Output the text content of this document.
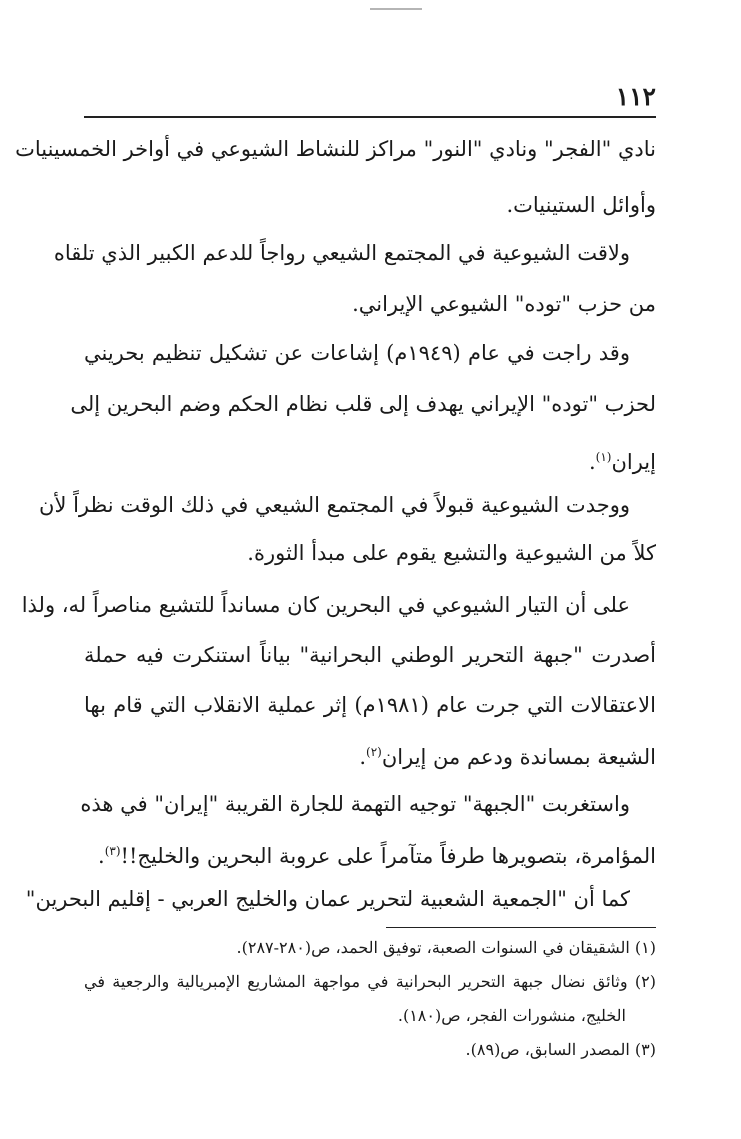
١١٢
نادي "الفجر" ونادي "النور" مراكز للنشاط الشيوعي في أواخر الخمسينيات
وأوائل الستينيات.
ولاقت الشيوعية في المجتمع الشيعي رواجاً للدعم الكبير الذي تلقاه
من حزب "توده" الشيوعي الإيراني.
وقد راجت في عام (١٩٤٩م) إشاعات عن تشكيل تنظيم بحريني
لحزب "توده" الإيراني يهدف إلى قلب نظام الحكم وضم البحرين إلى
إيران$^{(١)}$.
ووجدت الشيوعية قبولاً في المجتمع الشيعي في ذلك الوقت نظراً لأن
كلاً من الشيوعية والتشيع يقوم على مبدأ الثورة.
على أن التيار الشيوعي في البحرين كان مسانداً للتشيع مناصراً له، ولذا
أصدرت "جبهة التحرير الوطني البحرانية" بياناً استنكرت فيه حملة
الاعتقالات التي جرت عام (١٩٨١م) إثر عملية الانقلاب التي قام بها
الشيعة بمساندة ودعم من إيران$^{(٢)}$.
واستغربت "الجبهة" توجيه التهمة للجارة القريبة "إيران" في هذه
المؤامرة، بتصويرها طرفاً متآمراً على عروبة البحرين والخليج!!$^{(٣)}$.
كما أن "الجمعية الشعبية لتحرير عمان والخليج العربي - إقليم البحرين"
(١) الشقيقان في السنوات الصعبة، توفيق الحمد، ص(٢٨٠-٢٨٧).
(٢) وثائق نضال جبهة التحرير البحرانية في مواجهة المشاريع الإمبريالية والرجعية في
الخليج، منشورات الفجر، ص(١٨٠).
(٣) المصدر السابق، ص(٨٩).
